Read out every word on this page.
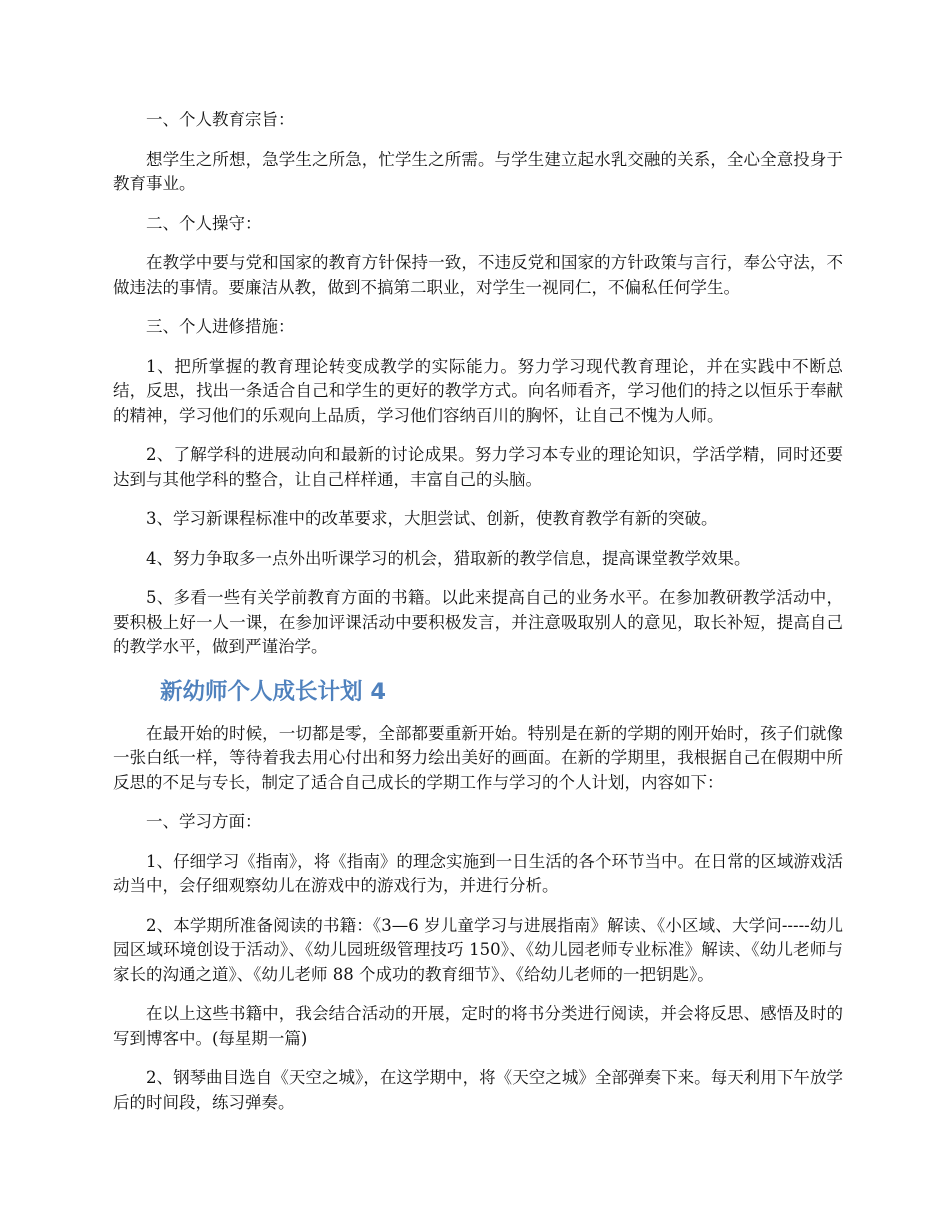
一、个人教育宗旨：

想学生之所想，急学生之所急，忙学生之所需。与学生建立起水乳交融的关系，全心全意投身于教育事业。

二、个人操守：

在教学中要与党和国家的教育方针保持一致，不违反党和国家的方针政策与言行，奉公守法，不做违法的事情。要廉洁从教，做到不搞第二职业，对学生一视同仁，不偏私任何学生。

三、个人进修措施：

1、把所掌握的教育理论转变成教学的实际能力。努力学习现代教育理论，并在实践中不断总结，反思，找出一条适合自己和学生的更好的教学方式。向名师看齐，学习他们的持之以恒乐于奉献的精神，学习他们的乐观向上品质，学习他们容纳百川的胸怀，让自己不愧为人师。

2、了解学科的进展动向和最新的讨论成果。努力学习本专业的理论知识，学活学精，同时还要达到与其他学科的整合，让自己样样通，丰富自己的头脑。

3、学习新课程标准中的改革要求，大胆尝试、创新，使教育教学有新的突破。

4、努力争取多一点外出听课学习的机会，猎取新的教学信息，提高课堂教学效果。

5、多看一些有关学前教育方面的书籍。以此来提高自己的业务水平。在参加教研教学活动中，要积极上好一人一课，在参加评课活动中要积极发言，并注意吸取别人的意见，取长补短，提高自己的教学水平，做到严谨治学。

新幼师个人成长计划 4

在最开始的时候，一切都是零，全部都要重新开始。特别是在新的学期的刚开始时，孩子们就像一张白纸一样，等待着我去用心付出和努力绘出美好的画面。在新的学期里，我根据自己在假期中所反思的不足与专长，制定了适合自己成长的学期工作与学习的个人计划，内容如下：

一、学习方面：

1、仔细学习《指南》，将《指南》的理念实施到一日生活的各个环节当中。在日常的区域游戏活动当中，会仔细观察幼儿在游戏中的游戏行为，并进行分析。

2、本学期所准备阅读的书籍：《3—6 岁儿童学习与进展指南》解读、《小区域、大学问-----幼儿园区域环境创设于活动》、《幼儿园班级管理技巧 150》、《幼儿园老师专业标准》解读、《幼儿老师与家长的沟通之道》、《幼儿老师 88 个成功的教育细节》、《给幼儿老师的一把钥匙》。

在以上这些书籍中，我会结合活动的开展，定时的将书分类进行阅读，并会将反思、感悟及时的写到博客中。(每星期一篇)

2、钢琴曲目选自《天空之城》，在这学期中，将《天空之城》全部弹奏下来。每天利用下午放学后的时间段，练习弹奏。
